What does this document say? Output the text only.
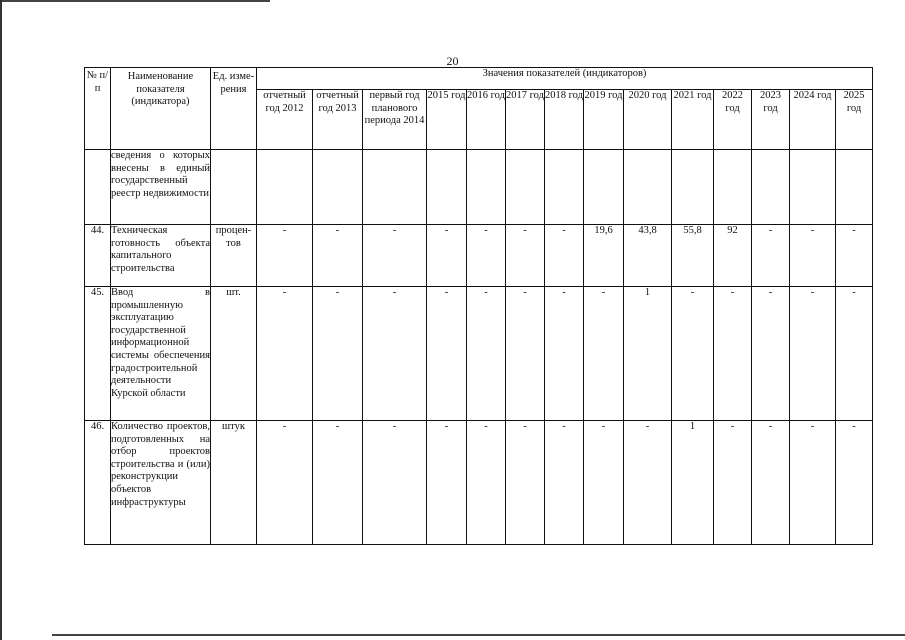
20
№ п/п	Наименование показателя (индикатора)	Ед. изме-рения	Значения показателей (индикаторов)													
			отчетный год 2012	отчетный год 2013	первый год планового периода 2014	2015 год	2016 год	2017 год	2018 год	2019 год	2020 год	2021 год	2022 год	2023 год	2024 год	2025 год
	сведения о которых внесены в единый государственный реестр недвижимости															
44.	Техническая готовность объекта капитального строительства	процен-тов	-	-	-	-	-	-	-	19,6	43,8	55,8	92	-	-	-
45.	Ввод в промышленную эксплуатацию государственной информационной системы обеспечения градостроительной деятельности Курской области	шт.	-	-	-	-	-	-	-	-	1	-	-	-	-	-
46.	Количество проектов, подготовленных на отбор проектов строительства и (или) реконструкции объектов инфраструктуры	штук	-	-	-	-	-	-	-	-	-	1	-	-	-	-
